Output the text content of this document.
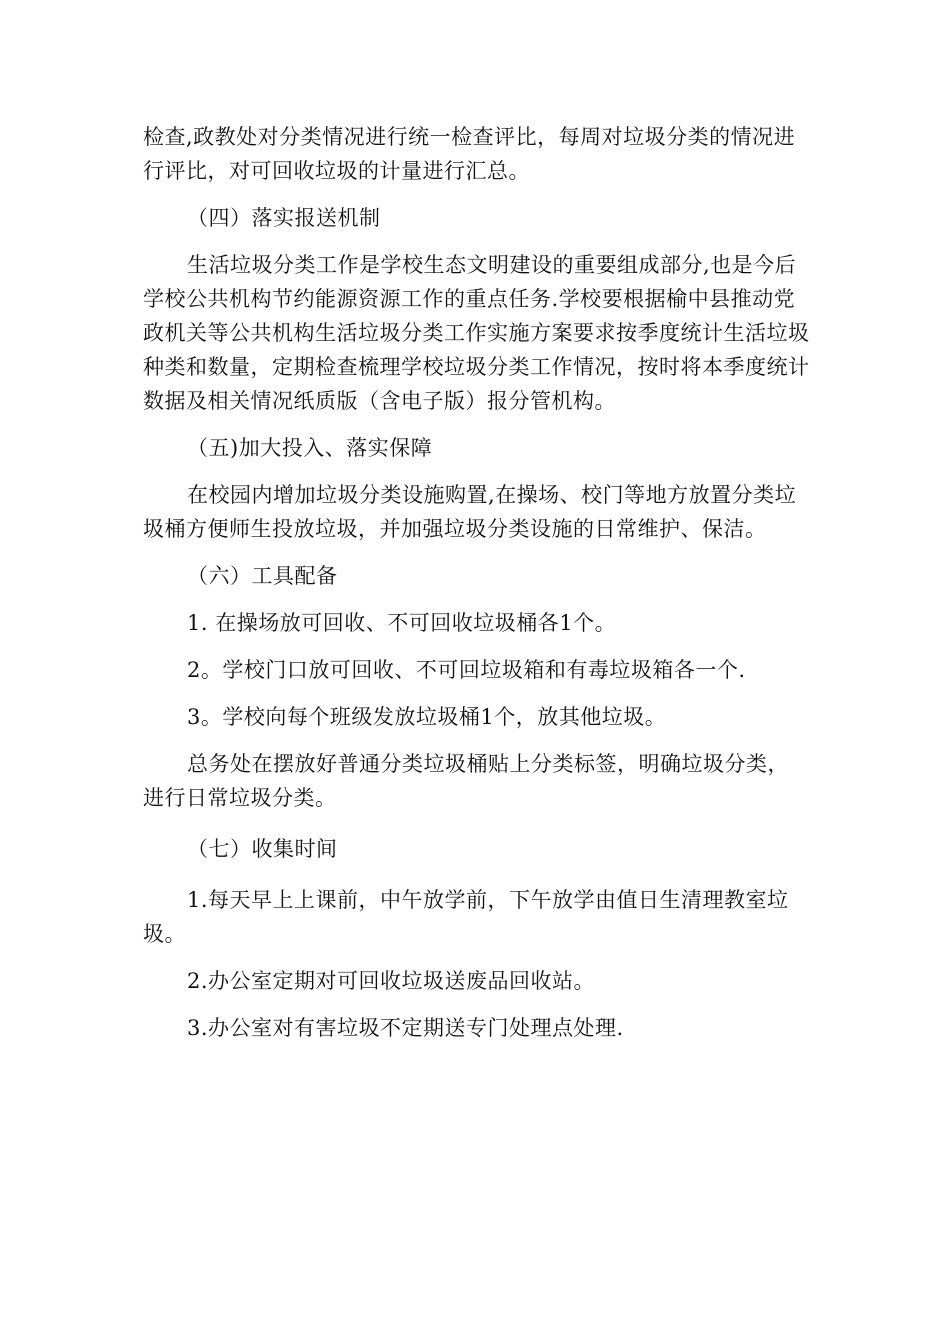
检查,政教处对分类情况进行统一检查评比，每周对垃圾分类的情况进行评比，对可回收垃圾的计量进行汇总。

（四）落实报送机制

生活垃圾分类工作是学校生态文明建设的重要组成部分,也是今后学校公共机构节约能源资源工作的重点任务.学校要根据榆中县推动党政机关等公共机构生活垃圾分类工作实施方案要求按季度统计生活垃圾种类和数量，定期检查梳理学校垃圾分类工作情况，按时将本季度统计数据及相关情况纸质版（含电子版）报分管机构。

（五)加大投入、落实保障

在校园内增加垃圾分类设施购置,在操场、校门等地方放置分类垃圾桶方便师生投放垃圾，并加强垃圾分类设施的日常维护、保洁。

（六）工具配备

1. 在操场放可回收、不可回收垃圾桶各1个。

2。学校门口放可回收、不可回垃圾箱和有毒垃圾箱各一个.

3。学校向每个班级发放垃圾桶1个，放其他垃圾。

总务处在摆放好普通分类垃圾桶贴上分类标签，明确垃圾分类，进行日常垃圾分类。

（七）收集时间

1.每天早上上课前，中午放学前，下午放学由值日生清理教室垃圾。

2.办公室定期对可回收垃圾送废品回收站。

3.办公室对有害垃圾不定期送专门处理点处理.
